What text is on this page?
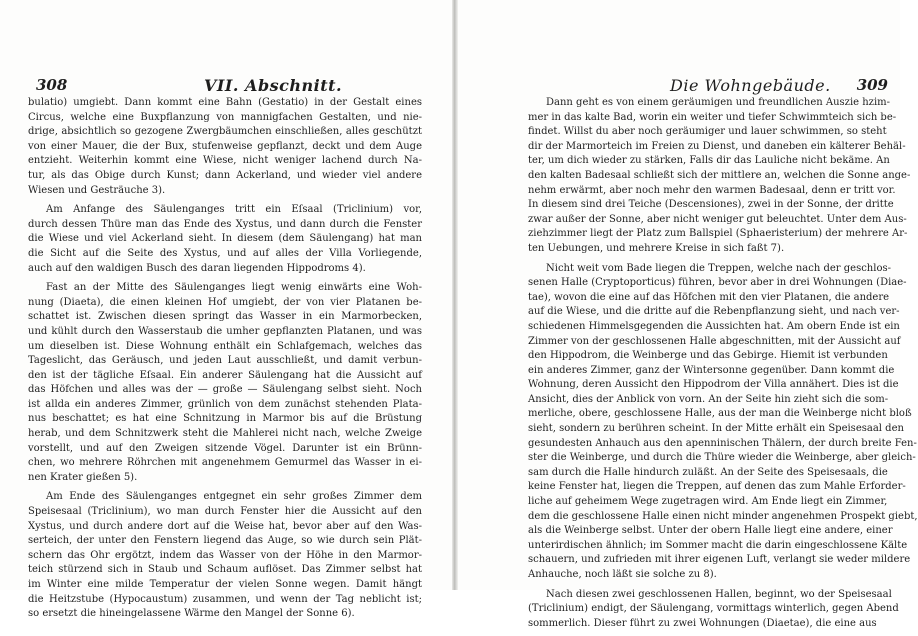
308	VII. Abschnitt.
bulatio) umgiebt. Dann kommt eine Bahn (Gestatio) in der Gestalt eines
Circus, welche eine Buxpflanzung von mannigfachen Gestalten, und nie-
drige, absichtlich so gezogene Zwergbäumchen einschließen, alles geschützt
von einer Mauer, die der Bux, stufenweise gepflanzt, deckt und dem Auge
entzieht. Weiterhin kommt eine Wiese, nicht weniger lachend durch Na-
tur, als das Obige durch Kunst; dann Ackerland, und wieder viel andere
Wiesen und Gesträuche 3).
Am Anfange des Säulenganges tritt ein Eſsaal (Triclinium) vor,
durch dessen Thüre man das Ende des Xystus, und dann durch die Fenster
die Wiese und viel Ackerland sieht. In diesem (dem Säulengang) hat man
die Sicht auf die Seite des Xystus, und auf alles der Villa Vorliegende,
auch auf den waldigen Busch des daran liegenden Hippodroms 4).
Fast an der Mitte des Säulenganges liegt wenig einwärts eine Woh-
nung (Diaeta), die einen kleinen Hof umgiebt, der von vier Platanen be-
schattet ist. Zwischen diesen springt das Wasser in ein Marmorbecken,
und kühlt durch den Wasserstaub die umher gepflanzten Platanen, und was
um dieselben ist. Diese Wohnung enthält ein Schlafgemach, welches das
Tageslicht, das Geräusch, und jeden Laut ausschließt, und damit verbun-
den ist der tägliche Eſsaal. Ein anderer Säulengang hat die Aussicht auf
das Höfchen und alles was der — große — Säulengang selbst sieht. Noch
ist allda ein anderes Zimmer, grünlich von dem zunächst stehenden Plata-
nus beschattet; es hat eine Schnitzung in Marmor bis auf die Brüstung
herab, und dem Schnitzwerk steht die Mahlerei nicht nach, welche Zweige
vorstellt, und auf den Zweigen sitzende Vögel. Darunter ist ein Brünn-
chen, wo mehrere Röhrchen mit angenehmem Gemurmel das Wasser in ei-
nen Krater gießen 5).
Am Ende des Säulenganges entgegnet ein sehr großes Zimmer dem
Speisesaal (Triclinium), wo man durch Fenster hier die Aussicht auf den
Xystus, und durch andere dort auf die Weise hat, bevor aber auf den Was-
serteich, der unter den Fenstern liegend das Auge, so wie durch sein Plät-
schern das Ohr ergötzt, indem das Wasser von der Höhe in den Marmor-
teich stürzend sich in Staub und Schaum auflöset. Das Zimmer selbst hat
im Winter eine milde Temperatur der vielen Sonne wegen. Damit hängt
die Heitzstube (Hypocaustum) zusammen, und wenn der Tag neblicht ist;
so ersetzt die hineingelassene Wärme den Mangel der Sonne 6).
Die Wohngebäude. 309
Dann geht es von einem geräumigen und freundlichen Auszie hzim-
mer in das kalte Bad, worin ein weiter und tiefer Schwimmteich sich be-
findet. Willst du aber noch geräumiger und lauer schwimmen, so steht
dir der Marmorteich im Freien zu Dienst, und daneben ein kälterer Behäl-
ter, um dich wieder zu stärken, Falls dir das Lauliche nicht bekäme. An
den kalten Badesaal schließt sich der mittlere an, welchen die Sonne ange-
nehm erwärmt, aber noch mehr den warmen Badesaal, denn er tritt vor.
In diesem sind drei Teiche (Descensiones), zwei in der Sonne, der dritte
zwar außer der Sonne, aber nicht weniger gut beleuchtet. Unter dem Aus-
ziehzimmer liegt der Platz zum Ballspiel (Sphaeristerium) der mehrere Ar-
ten Uebungen, und mehrere Kreise in sich faßt 7).
Nicht weit vom Bade liegen die Treppen, welche nach der geschlos-
senen Halle (Cryptoporticus) führen, bevor aber in drei Wohnungen (Diae-
tae), wovon die eine auf das Höfchen mit den vier Platanen, die andere
auf die Wiese, und die dritte auf die Rebenpflanzung sieht, und nach ver-
schiedenen Himmelsgegenden die Aussichten hat. Am obern Ende ist ein
Zimmer von der geschlossenen Halle abgeschnitten, mit der Aussicht auf
den Hippodrom, die Weinberge und das Gebirge. Hiemit ist verbunden
ein anderes Zimmer, ganz der Wintersonne gegenüber. Dann kommt die
Wohnung, deren Aussicht den Hippodrom der Villa annähert. Dies ist die
Ansicht, dies der Anblick von vorn. An der Seite hin zieht sich die som-
merliche, obere, geschlossene Halle, aus der man die Weinberge nicht bloß
sieht, sondern zu berühren scheint. In der Mitte erhält ein Speisesaal den
gesundesten Anhauch aus den apenninischen Thälern, der durch breite Fen-
ster die Weinberge, und durch die Thüre wieder die Weinberge, aber gleich-
sam durch die Halle hindurch zuläßt. An der Seite des Speisesaals, die
keine Fenster hat, liegen die Treppen, auf denen das zum Mahle Erforder-
liche auf geheimem Wege zugetragen wird. Am Ende liegt ein Zimmer,
dem die geschlossene Halle einen nicht minder angenehmen Prospekt giebt,
als die Weinberge selbst. Unter der obern Halle liegt eine andere, einer
unterirdischen ähnlich; im Sommer macht die darin eingeschlossene Kälte
schauern, und zufrieden mit ihrer eigenen Luft, verlangt sie weder mildere
Anhauche, noch läßt sie solche zu 8).
Nach diesen zwei geschlossenen Hallen, beginnt, wo der Speisesaal
(Triclinium) endigt, der Säulengang, vormittags winterlich, gegen Abend
sommerlich. Dieser führt zu zwei Wohnungen (Diaetae), die eine aus
